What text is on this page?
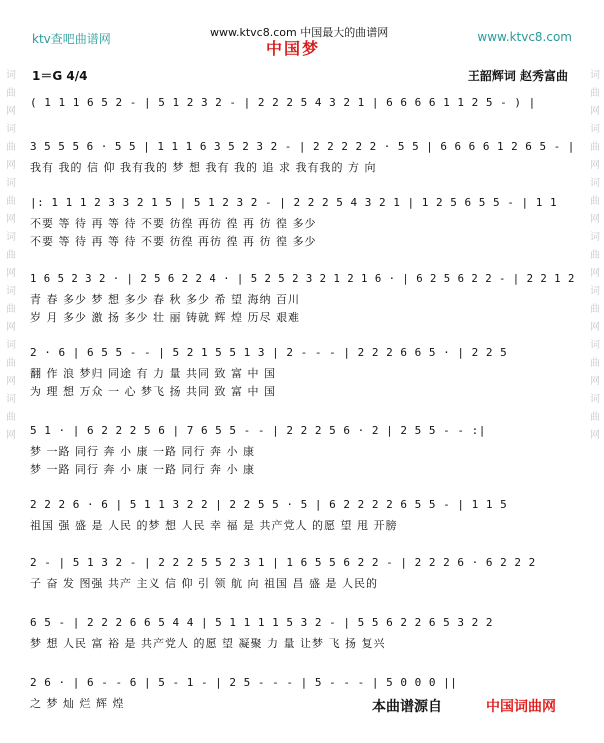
ktv查吧曲谱网	www.ktvc8.com 中国最大的曲谱网	www.ktvc8.com
中国梦
1＝G 4/4	王韶辉词 赵秀富曲
词
曲
网
词
曲
网
词
曲
网
词
曲
网
词
曲
网
词
曲
网
词
曲
网
词
曲
网
词
曲
网
词
曲
网
词
曲
网
词
曲
网
词
曲
网
词
曲
网
( 1 1 1 6 5 2 - | 5 1 2 3 2 - | 2 2 2 5 4 3 2 1 | 6 6 6 6 1 1 2 5 - ) |
3 5 5 5 6 · 5 5 | 1 1 1 6 3 5 2 3 2 - | 2 2 2 2 2 · 5 5 | 6 6 6 6 1 2 6 5 - |
我有 我的 信 仰 我有我的 梦 想 我有 我的 追 求 我有我的 方 向
|: 1 1 1 2 3 3 2 1 5 | 5 1 2 3 2 - | 2 2 2 5 4 3 2 1 | 1 2 5 6 5 5 - | 1 1
不要 等 待 再 等 待 不要 彷徨 再彷 徨 再 彷 徨 多少
不要 等 待 再 等 待 不要 彷徨 再彷 徨 再 彷 徨 多少
1 6 5 2 3 2 · | 2 5 6 2 2 4 · | 5 2 5 2 3 2 1 2 1 6 · | 6 2 5 6 2 2 - | 2 2 1 2
青 春 多少 梦 想 多少 春 秋 多少 希 望 海纳 百川
岁 月 多少 激 扬 多少 壮 丽 铸就 辉 煌 历尽 艰难
2 · 6 | 6 5 5 - - | 5 2 1 5 5 1 3 | 2 - - - | 2 2 2 6 6 5 · | 2 2 5
翻 作 浪 梦归 同途 有 力 量 共同 致 富 中 国
为 理 想 万众 一 心 梦飞 扬 共同 致 富 中 国
5 1 · | 6 2 2 2 5 6 | 7 6 5 5 - - | 2 2 2 5 6 · 2 | 2 5 5 - - :|
梦 一路 同行 奔 小 康 一路 同行 奔 小 康
梦 一路 同行 奔 小 康 一路 同行 奔 小 康
2 2 2 6 · 6 | 5 1 1 3 2 2 | 2 2 5 5 · 5 | 6 2 2 2 2 6 5 5 - | 1 1 5
祖国 强 盛 是 人民 的梦 想 人民 幸 福 是 共产党人 的愿 望 甩 开膀
2 - | 5 1 3 2 - | 2 2 2 5 5 2 3 1 | 1 6 5 5 6 2 2 - | 2 2 2 6 · 6 2 2 2
子 奋 发 图强 共产 主义 信 仰 引 领 航 向 祖国 昌 盛 是 人民的
6 5 - | 2 2 2 6 6 5 4 4 | 5 1 1 1 1 5 3 2 - | 5 5 6 2 2 6 5 3 2 2
梦 想 人民 富 裕 是 共产党人 的愿 望 凝聚 力 量 让梦 飞 扬 复兴
2 6 · | 6 - - 6 | 5 - 1 - | 2 5 - - - | 5 - - - | 5 0 0 0 ||
之 梦 灿 烂 辉 煌	本曲谱源自	中国词曲网
